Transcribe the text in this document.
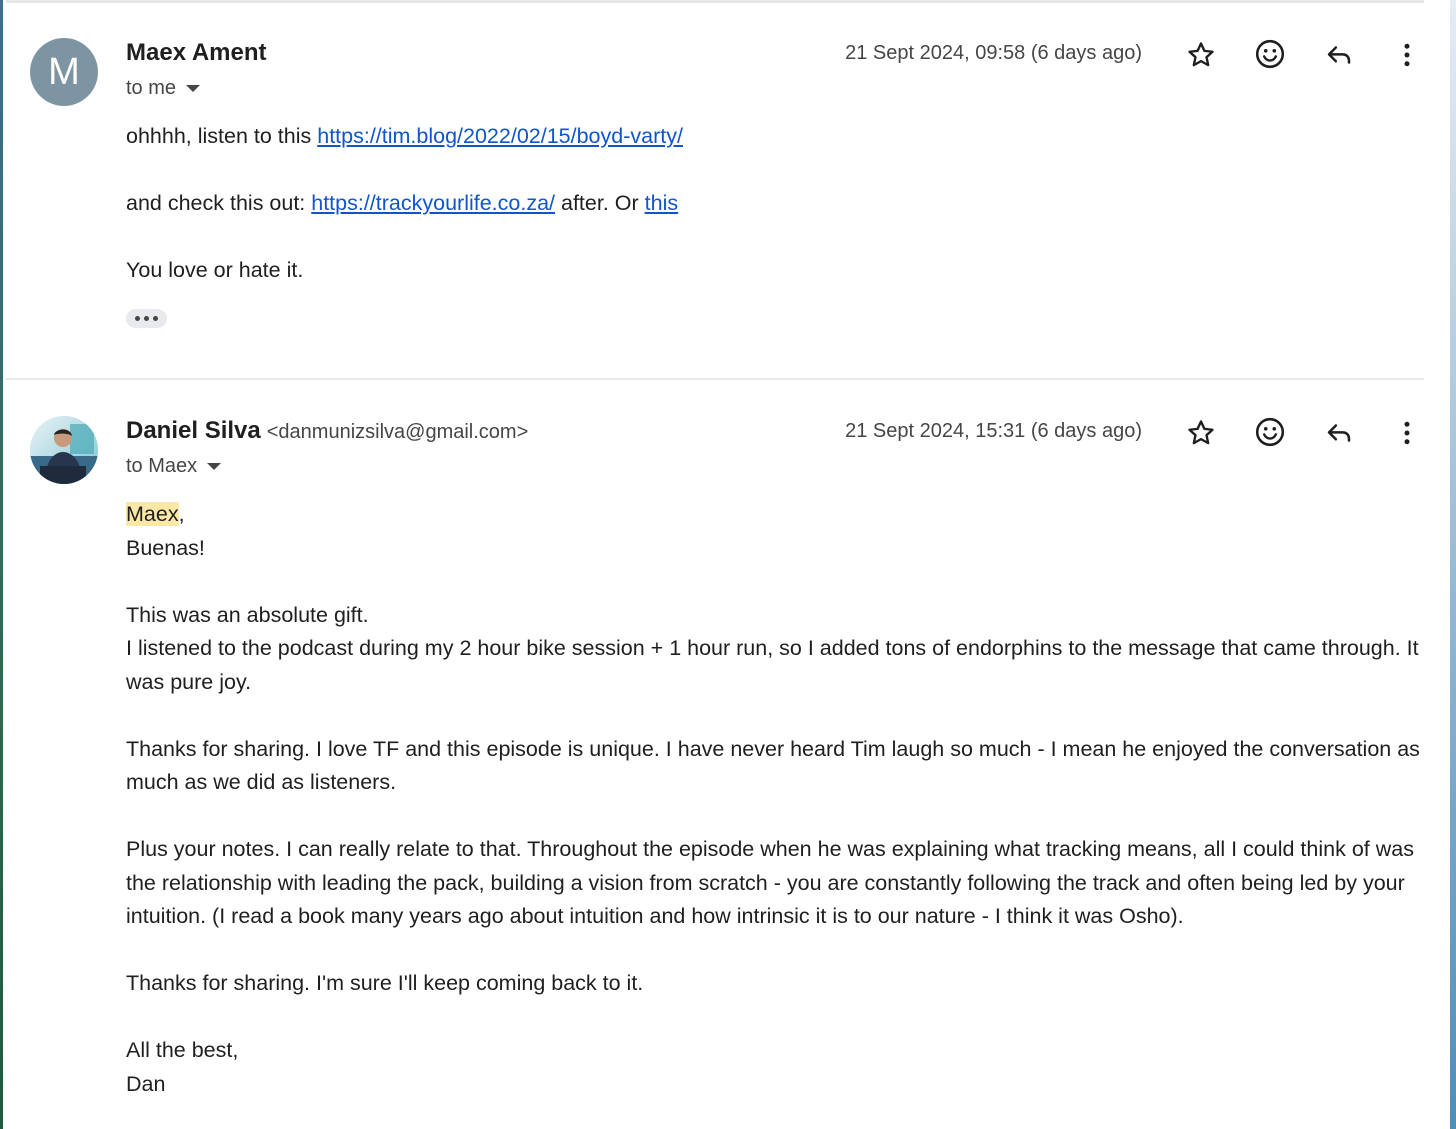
M	Maex Ament
to me
21 Sept 2024, 09:58 (6 days ago)

ohhhh, listen to this https://tim.blog/2022/02/15/boyd-varty/

and check this out: https://trackyourlife.co.za/ after. Or this

You love or hate it.

Daniel Silva <danmunizsilva@gmail.com>
to Maex
21 Sept 2024, 15:31 (6 days ago)

Maex,

Buenas!

This was an absolute gift.

I listened to the podcast during my 2 hour bike session + 1 hour run, so I added tons of endorphins to the message that came through. It was pure joy.

Thanks for sharing. I love TF and this episode is unique. I have never heard Tim laugh so much - I mean he enjoyed the conversation as much as we did as listeners.

Plus your notes. I can really relate to that. Throughout the episode when he was explaining what tracking means, all I could think of was the relationship with leading the pack, building a vision from scratch - you are constantly following the track and often being led by your intuition. (I read a book many years ago about intuition and how intrinsic it is to our nature - I think it was Osho).

Thanks for sharing. I'm sure I'll keep coming back to it.

All the best,

Dan
